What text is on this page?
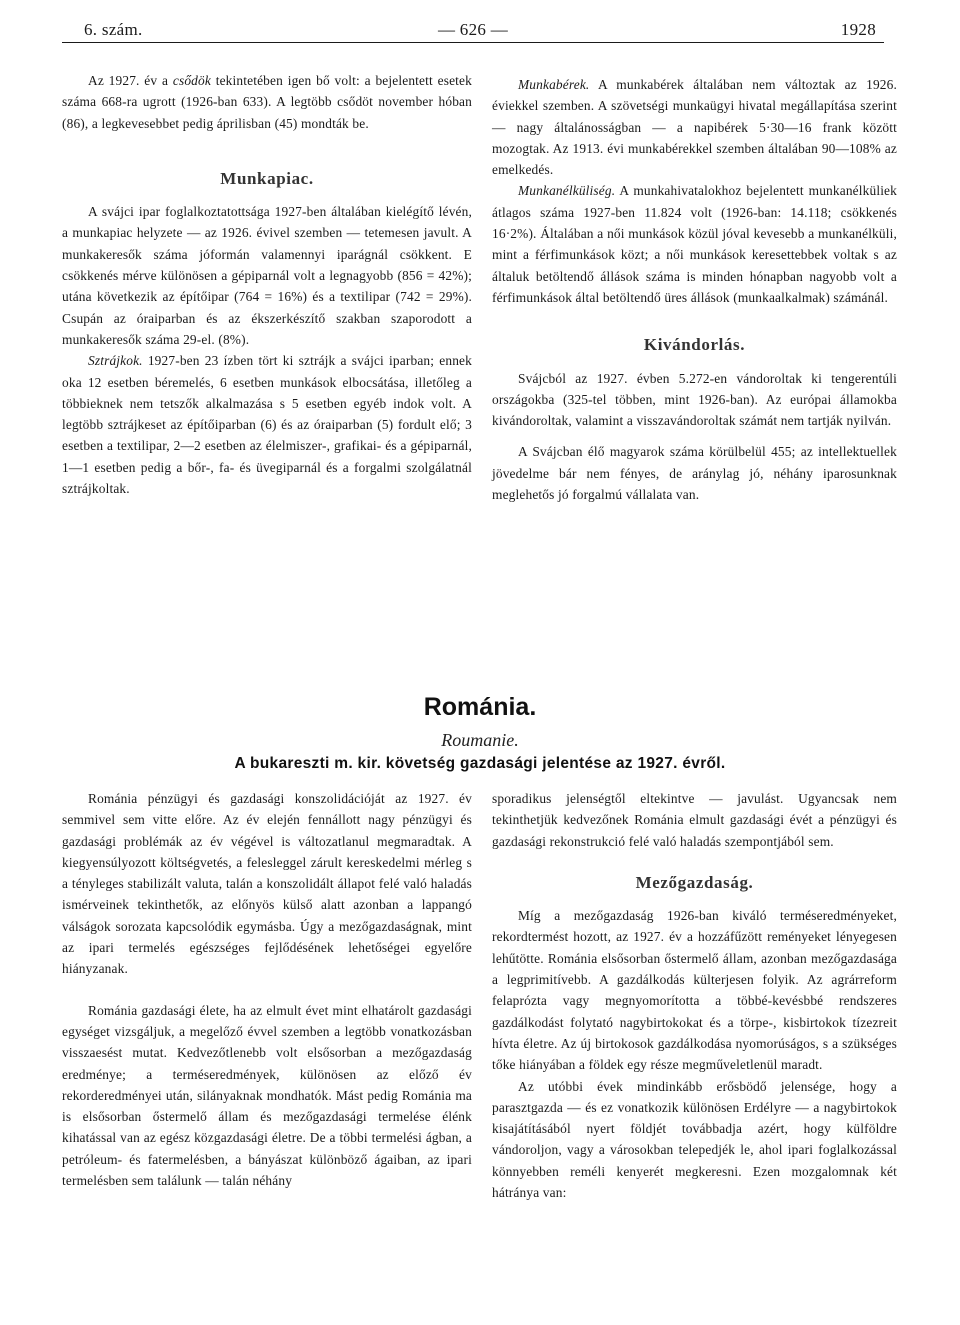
6. szám.	— 626 —	1928

Az 1927. év a csődök tekintetében igen bő volt: a bejelentett esetek száma 668-ra ugrott (1926-ban 633). A legtöbb csődöt november hóban (86), a legkevesebbet pedig áprilisban (45) mondták be.

Munkapiac.

A svájci ipar foglalkoztatottsága 1927-ben általában kielégítő lévén, a munkapiac helyzete — az 1926. évivel szemben — tetemesen javult. A munkakeresők száma jóformán valamennyi iparágnál csökkent. E csökkenés mérve különösen a gépiparnál volt a legnagyobb (856 = 42%); utána következik az építőipar (764 = 16%) és a textilipar (742 = 29%). Csupán az óraiparban és az ékszerkészítő szakban szaporodott a munkakeresők száma 29-el. (8%).

Sztrájkok. 1927-ben 23 ízben tört ki sztrájk a svájci iparban; ennek oka 12 esetben béremelés, 6 esetben munkások elbocsátása, illetőleg a többieknek nem tetszők alkalmazása s 5 esetben egyéb indok volt. A legtöbb sztrájkeset az építőiparban (6) és az óraiparban (5) fordult elő; 3 esetben a textilipar, 2—2 esetben az élelmiszer-, grafikai- és a gépiparnál, 1—1 esetben pedig a bőr-, fa- és üvegiparnál és a forgalmi szolgálatnál sztrájkoltak.

Munkabérek. A munkabérek általában nem változtak az 1926. éviekkel szemben. A szövetségi munkaügyi hivatal megállapítása szerint — nagy általánosságban — a napibérek 5·30—16 frank között mozogtak. Az 1913. évi munkabérekkel szemben általában 90—108% az emelkedés.

Munkanélküliség. A munkahivatalokhoz bejelentett munkanélküliek átlagos száma 1927-ben 11.824 volt (1926-ban: 14.118; csökkenés 16·2%). Általában a női munkások közül jóval kevesebb a munkanélküli, mint a férfimunkások közt; a női munkások keresettebbek voltak s az általuk betöltendő állások száma is minden hónapban nagyobb volt a férfimunkások által betöltendő üres állások (munkaalkalmak) számánál.

Kivándorlás.

Svájcból az 1927. évben 5.272-en vándoroltak ki tengerentúli országokba (325-tel többen, mint 1926-ban). Az európai államokba kivándoroltak, valamint a visszavándoroltak számát nem tartják nyilván.

A Svájcban élő magyarok száma körülbelül 455; az intellektuellek jövedelme bár nem fényes, de aránylag jó, néhány iparosunknak meglehetős jó forgalmú vállalata van.

Románia.
Roumanie.
A bukareszti m. kir. követség gazdasági jelentése az 1927. évről.

Románia pénzügyi és gazdasági konszolidációját az 1927. év semmivel sem vitte előre. Az év elején fennállott nagy pénzügyi és gazdasági problémák az év végével is változatlanul megmaradtak. A kiegyensúlyozott költségvetés, a felesleggel zárult kereskedelmi mérleg s a tényleges stabilizált valuta, talán a konszolidált állapot felé való haladás ismérveinek tekinthetők, az előnyös külső alatt azonban a lappangó válságok sorozata kapcsolódik egymásba. Úgy a mezőgazdaságnak, mint az ipari termelés egészséges fejlődésének lehetőségei egyelőre hiányzanak.

Románia gazdasági élete, ha az elmult évet mint elhatárolt gazdasági egységet vizsgáljuk, a megelőző évvel szemben a legtöbb vonatkozásban visszaesést mutat. Kedvezőtlenebb volt elsősorban a mezőgazdaság eredménye; a terméseredmények, különösen az előző év rekorderedményei után, silányaknak mondhatók. Mást pedig Románia ma is elsősorban őstermelő állam és mezőgazdasági termelése élénk kihatással van az egész közgazdasági életre. De a többi termelési ágban, a petróleum- és fatermelésben, a bányászat különböző ágaiban, az ipari termelésben sem találunk — talán néhány

sporadikus jelenségtől eltekintve — javulást. Ugyancsak nem tekinthetjük kedvezőnek Románia elmult gazdasági évét a pénzügyi és gazdasági rekonstrukció felé való haladás szempontjából sem.

Mezőgazdaság.

Míg a mezőgazdaság 1926-ban kiváló terméseredményeket, rekordtermést hozott, az 1927. év a hozzáfűzött reményeket lényegesen lehűtötte. Románia elsősorban őstermelő állam, azonban mezőgazdasága a legprimitívebb. A gazdálkodás külterjesen folyik. Az agrárreform felaprózta vagy megnyomorította a többé-kevésbbé rendszeres gazdálkodást folytató nagybirtokokat és a törpe-, kisbirtokok tízezreit hívta életre. Az új birtokosok gazdálkodása nyomorúságos, s a szükséges tőke hiányában a földek egy része megműveletlenül maradt.

Az utóbbi évek mindinkább erősbödő jelensége, hogy a parasztgazda — és ez vonatkozik különösen Erdélyre — a nagybirtokok kisajátításából nyert földjét továbbadja azért, hogy külföldre vándoroljon, vagy a városokban telepedjék le, ahol ipari foglalkozással könnyebben reméli kenyerét megkeresni. Ezen mozgalomnak két hátránya van:
